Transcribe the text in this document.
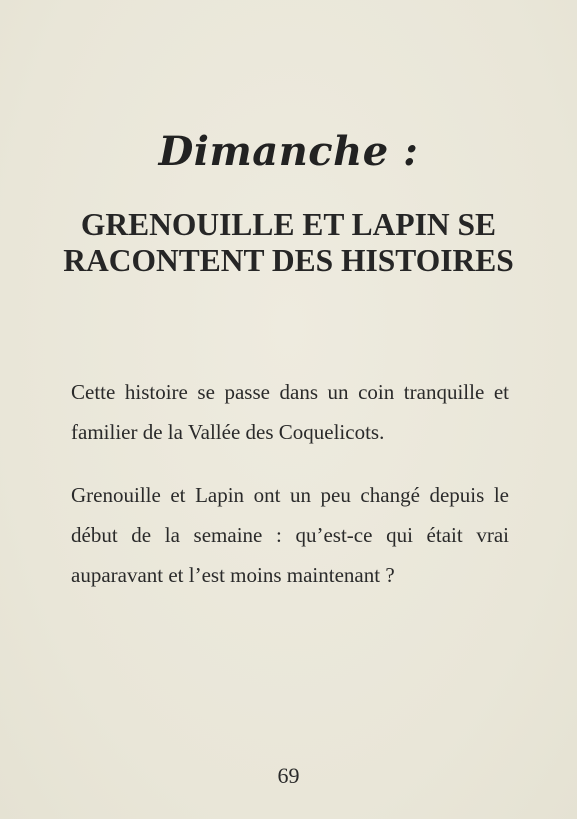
Dimanche :
GRENOUILLE ET LAPIN SE RACONTENT DES HISTOIRES

Cette histoire se passe dans un coin tranquille et familier de la Vallée des Coquelicots.

Grenouille et Lapin ont un peu changé depuis le début de la semaine : qu’est-ce qui était vrai auparavant et l’est moins maintenant ?

69
